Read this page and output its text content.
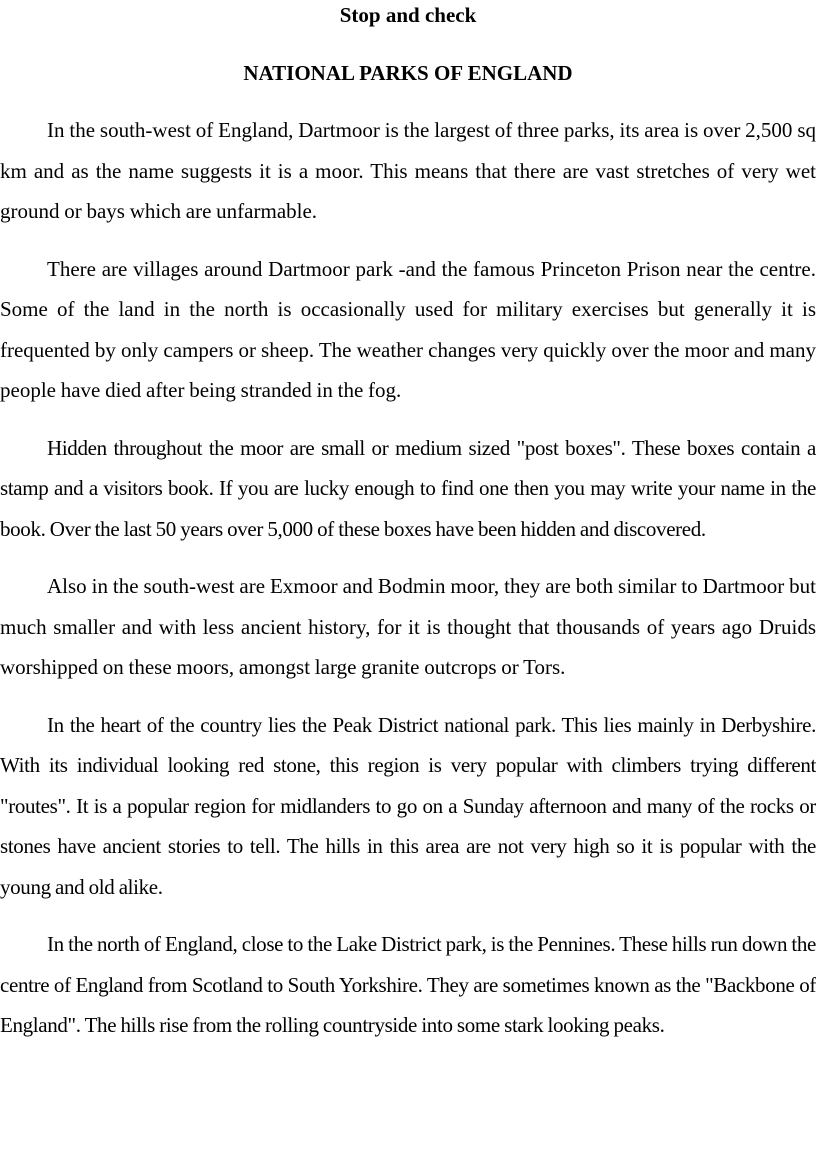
Stop and check
NATIONAL PARKS OF ENGLAND

In the south-west of England, Dartmoor is the largest of three parks, its area is over 2,500 sq km and as the name suggests it is a moor. This means that there are vast stretches of very wet ground or bays which are unfarmable.

There are villages around Dartmoor park -and the famous Princeton Prison near the centre. Some of the land in the north is occasionally used for military exercises but generally it is frequented by only campers or sheep. The weather changes very quickly over the moor and many people have died after being stranded in the fog.

Hidden throughout the moor are small or medium sized "post boxes". These boxes contain a stamp and a visitors book. If you are lucky enough to find one then you may write your name in the book. Over the last 50 years over 5,000 of these boxes have been hidden and discovered.

Also in the south-west are Exmoor and Bodmin moor, they are both similar to Dartmoor but much smaller and with less ancient history, for it is thought that thousands of years ago Druids worshipped on these moors, amongst large granite outcrops or Tors.

In the heart of the country lies the Peak District national park. This lies mainly in Derbyshire. With its individual looking red stone, this region is very popular with climbers trying different "routes". It is a popular region for midlanders to go on a Sunday afternoon and many of the rocks or stones have ancient stories to tell. The hills in this area are not very high so it is popular with the young and old alike.

In the north of England, close to the Lake District park, is the Pennines. These hills run down the centre of England from Scotland to South Yorkshire. They are sometimes known as the "Backbone of England". The hills rise from the rolling countryside into some stark looking peaks.
